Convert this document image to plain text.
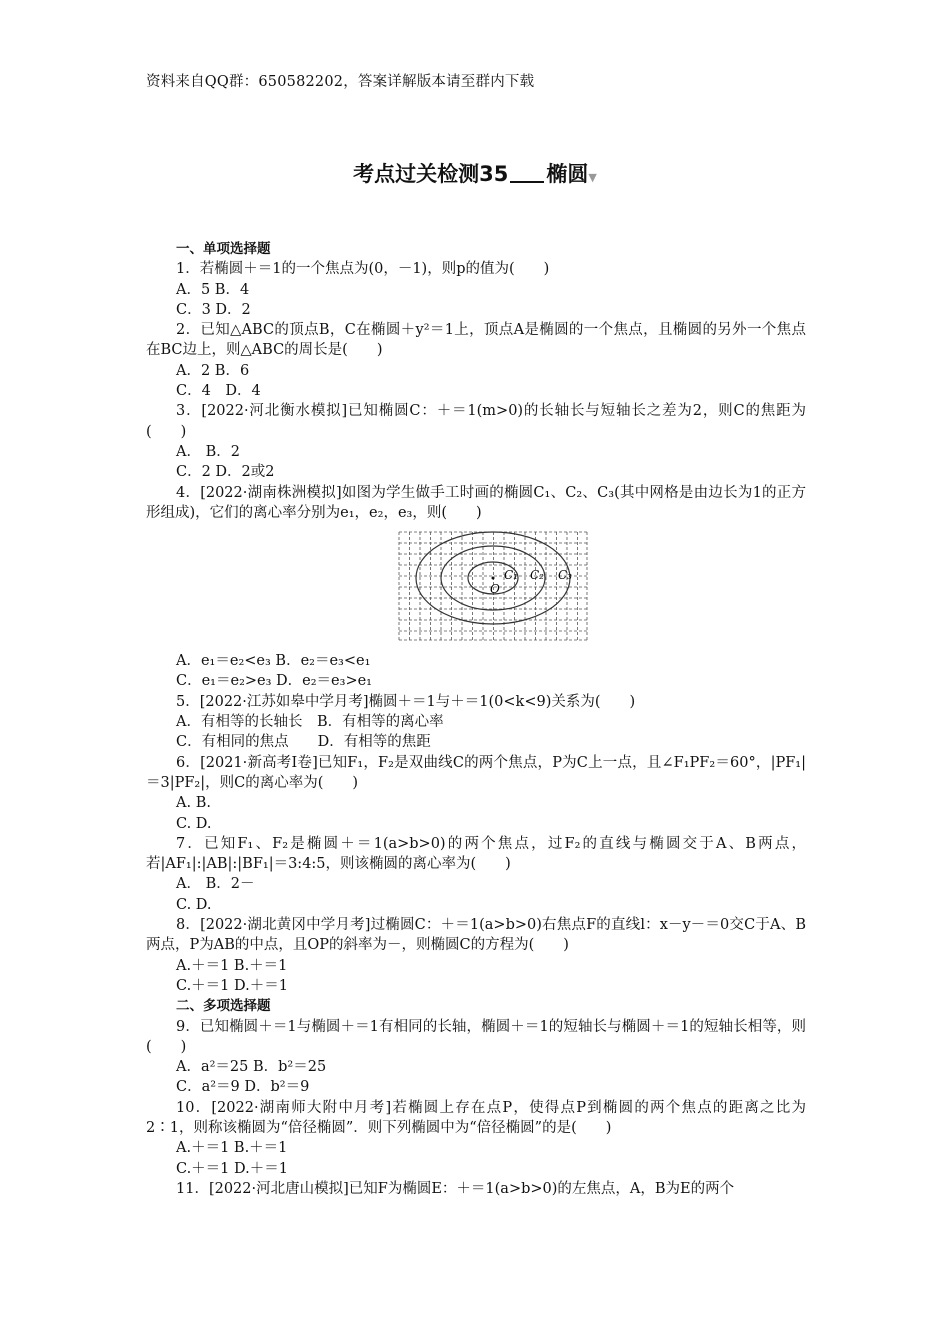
资料来自QQ群：650582202，答案详解版本请至群内下载
考点过关检测35 椭圆▼
一、单项选择题
1．若椭圆＋＝1的一个焦点为(0，－1)，则p的值为(　　)
A．5 B．4
C．3 D．2
2．已知△ABC的顶点B，C在椭圆＋y²＝1上，顶点A是椭圆的一个焦点，且椭圆的另外一个焦点在BC边上，则△ABC的周长是(　　)
A．2 B．6
C．4　D．4
3．[2022·河北衡水模拟]已知椭圆C：＋＝1(m>0)的长轴长与短轴长之差为2，则C的焦距为(　　)
A． B．2
C．2 D．2或2
4．[2022·湖南株洲模拟]如图为学生做手工时画的椭圆C₁、C₂、C₃(其中网格是由边长为1的正方形组成)，它们的离心率分别为e₁，e₂，e₃，则(　　)
O
C₁ C₂ C₃
A．e₁＝e₂<e₃ B．e₂＝e₃<e₁
C．e₁＝e₂>e₃ D．e₂＝e₃>e₁
5．[2022·江苏如皋中学月考]椭圆＋＝1与＋＝1(0<k<9)关系为(　　)
A．有相等的长轴长　B．有相等的离心率
C．有相同的焦点　　D．有相等的焦距
6．[2021·新高考Ⅰ卷]已知F₁，F₂是双曲线C的两个焦点，P为C上一点，且∠F₁PF₂＝60°，|PF₁|＝3|PF₂|，则C的离心率为(　　)
A. B.
C. D.
7．已知F₁、F₂是椭圆＋＝1(a>b>0)的两个焦点，过F₂的直线与椭圆交于A、B两点，若|AF₁|:|AB|:|BF₁|＝3:4:5，则该椭圆的离心率为(　　)
A． B．2－
C. D.
8．[2022·湖北黄冈中学月考]过椭圆C：＋＝1(a>b>0)右焦点F的直线l：x－y－＝0交C于A、B两点，P为AB的中点，且OP的斜率为－，则椭圆C的方程为(　　)
A.＋＝1 B.＋＝1
C.＋＝1 D.＋＝1
二、多项选择题
9．已知椭圆＋＝1与椭圆＋＝1有相同的长轴，椭圆＋＝1的短轴长与椭圆＋＝1的短轴长相等，则(　　)
A．a²＝25 B．b²＝25
C．a²＝9 D．b²＝9
10．[2022·湖南师大附中月考]若椭圆上存在点P，使得点P到椭圆的两个焦点的距离之比为2∶1，则称该椭圆为“倍径椭圆”．则下列椭圆中为“倍径椭圆”的是(　　)
A.＋＝1 B.＋＝1
C.＋＝1 D.＋＝1
11．[2022·河北唐山模拟]已知F为椭圆E：＋＝1(a>b>0)的左焦点，A，B为E的两个
